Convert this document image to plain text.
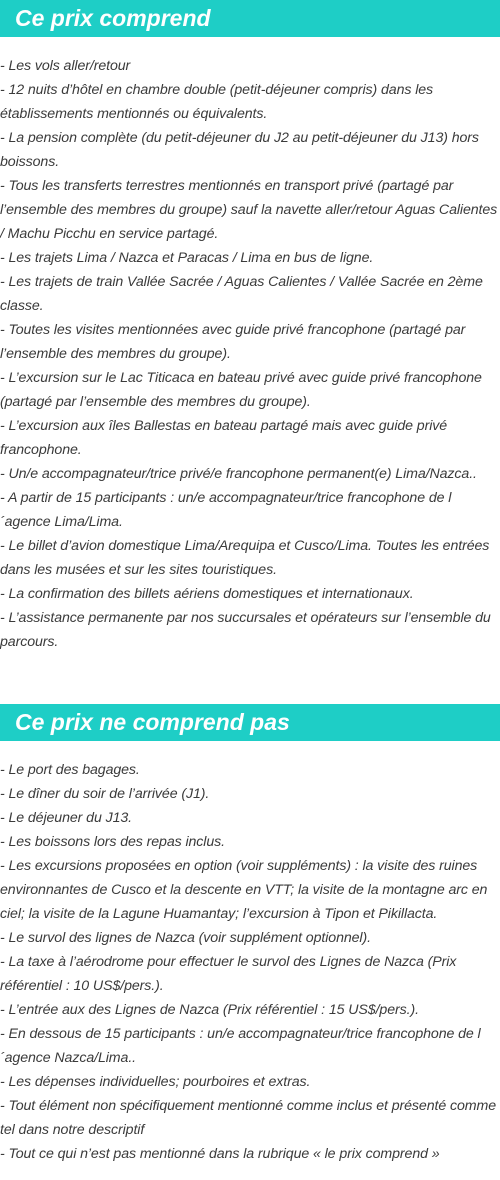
Ce prix comprend
- Les vols aller/retour
- 12 nuits d’hôtel en chambre double (petit-déjeuner compris) dans les établissements mentionnés ou équivalents.
- La pension complète (du petit-déjeuner du J2 au petit-déjeuner du J13) hors boissons.
- Tous les transferts terrestres mentionnés en transport privé (partagé par l’ensemble des membres du groupe) sauf la navette aller/retour Aguas Calientes / Machu Picchu en service partagé.
- Les trajets Lima / Nazca et Paracas / Lima en bus de ligne.
- Les trajets de train Vallée Sacrée / Aguas Calientes / Vallée Sacrée en 2ème classe.
- Toutes les visites mentionnées avec guide privé francophone (partagé par l’ensemble des membres du groupe).
- L’excursion sur le Lac Titicaca en bateau privé avec guide privé francophone (partagé par l’ensemble des membres du groupe).
- L’excursion aux îles Ballestas en bateau partagé mais avec guide privé francophone.
- Un/e accompagnateur/trice privé/e francophone permanent(e) Lima/Nazca..
- A partir de 15 participants : un/e accompagnateur/trice francophone de l´agence Lima/Lima.
- Le billet d’avion domestique Lima/Arequipa et Cusco/Lima. Toutes les entrées dans les musées et sur les sites touristiques.
- La confirmation des billets aériens domestiques et internationaux.
- L’assistance permanente par nos succursales et opérateurs sur l’ensemble du parcours.
Ce prix ne comprend pas
- Le port des bagages.
- Le dîner du soir de l’arrivée (J1).
- Le déjeuner du J13.
- Les boissons lors des repas inclus.
- Les excursions proposées en option (voir suppléments) : la visite des ruines environnantes de Cusco et la descente en VTT; la visite de la montagne arc en ciel; la visite de la Lagune Huamantay; l’excursion à Tipon et Pikillacta.
- Le survol des lignes de Nazca (voir supplément optionnel).
- La taxe à l’aérodrome pour effectuer le survol des Lignes de Nazca (Prix référentiel : 10 US$/pers.).
- L’entrée aux des Lignes de Nazca (Prix référentiel : 15 US$/pers.).
- En dessous de 15 participants : un/e accompagnateur/trice francophone de l´agence Nazca/Lima..
- Les dépenses individuelles; pourboires et extras.
- Tout élément non spécifiquement mentionné comme inclus et présenté comme tel dans notre descriptif
- Tout ce qui n’est pas mentionné dans la rubrique « le prix comprend »
